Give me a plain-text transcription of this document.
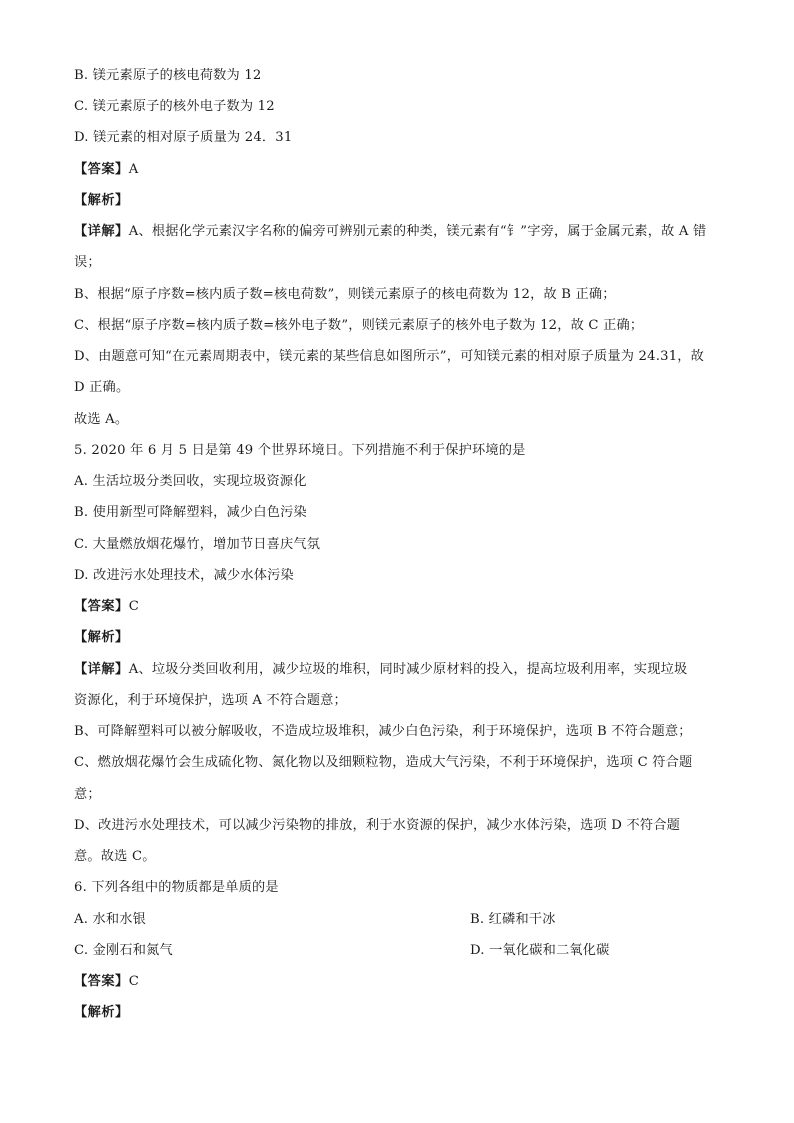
B. 镁元素原子的核电荷数为 12
C. 镁元素原子的核外电子数为 12
D. 镁元素的相对原子质量为 24．31
【答案】A
【解析】
【详解】A、根据化学元素汉字名称的偏旁可辨别元素的种类，镁元素有“钅”字旁，属于金属元素，故 A 错
误；
B、根据“原子序数=核内质子数=核电荷数”，则镁元素原子的核电荷数为 12，故 B 正确；
C、根据“原子序数=核内质子数=核外电子数”，则镁元素原子的核外电子数为 12，故 C 正确；
D、由题意可知“在元素周期表中，镁元素的某些信息如图所示”，可知镁元素的相对原子质量为 24.31，故
D 正确。
故选 A。
5. 2020 年 6 月 5 日是第 49 个世界环境日。下列措施不利于保护环境的是
A. 生活垃圾分类回收，实现垃圾资源化
B. 使用新型可降解塑料，减少白色污染
C. 大量燃放烟花爆竹，增加节日喜庆气氛
D. 改进污水处理技术，减少水体污染
【答案】C
【解析】
【详解】A、垃圾分类回收利用，减少垃圾的堆积，同时减少原材料的投入，提高垃圾利用率，实现垃圾
资源化，利于环境保护，选项 A 不符合题意；
B、可降解塑料可以被分解吸收，不造成垃圾堆积，减少白色污染，利于环境保护，选项 B 不符合题意；
C、燃放烟花爆竹会生成硫化物、氮化物以及细颗粒物，造成大气污染，不利于环境保护，选项 C 符合题
意；
D、改进污水处理技术，可以减少污染物的排放，利于水资源的保护，减少水体污染，选项 D 不符合题
意。故选 C。
6. 下列各组中的物质都是单质的是
A. 水和水银	B. 红磷和干冰
C. 金刚石和氮气	D. 一氧化碳和二氧化碳
【答案】C
【解析】
